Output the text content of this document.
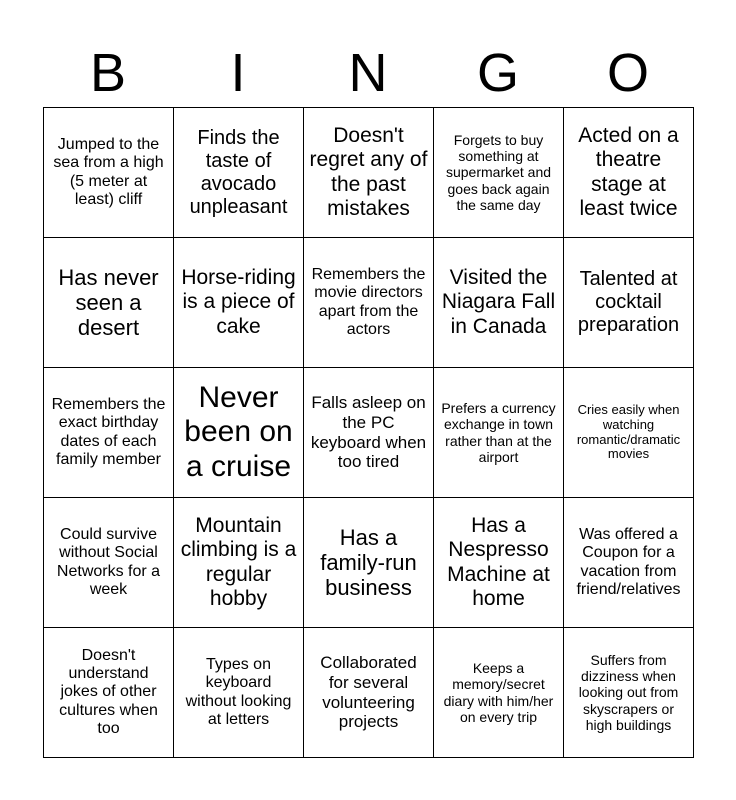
B	I	N	G	O
Jumped to the sea from a high (5 meter at least) cliff	Finds the taste of avocado unpleasant	Doesn't regret any of the past mistakes	Forgets to buy something at supermarket and goes back again the same day	Acted on a theatre stage at least twice
Has never seen a desert	Horse-riding is a piece of cake	Remembers the movie directors apart from the actors	Visited the Niagara Fall in Canada	Talented at cocktail preparation
Remembers the exact birthday dates of each family member	Never been on a cruise	Falls asleep on the PC keyboard when too tired	Prefers a currency exchange in town rather than at the airport	Cries easily when watching romantic/dramatic movies
Could survive without Social Networks for a week	Mountain climbing is a regular hobby	Has a family-run business	Has a Nespresso Machine at home	Was offered a Coupon for a vacation from friend/relatives
Doesn't understand jokes of other cultures when too	Types on keyboard without looking at letters	Collaborated for several volunteering projects	Keeps a memory/secret diary with him/her on every trip	Suffers from dizziness when looking out from skyscrapers or high buildings
